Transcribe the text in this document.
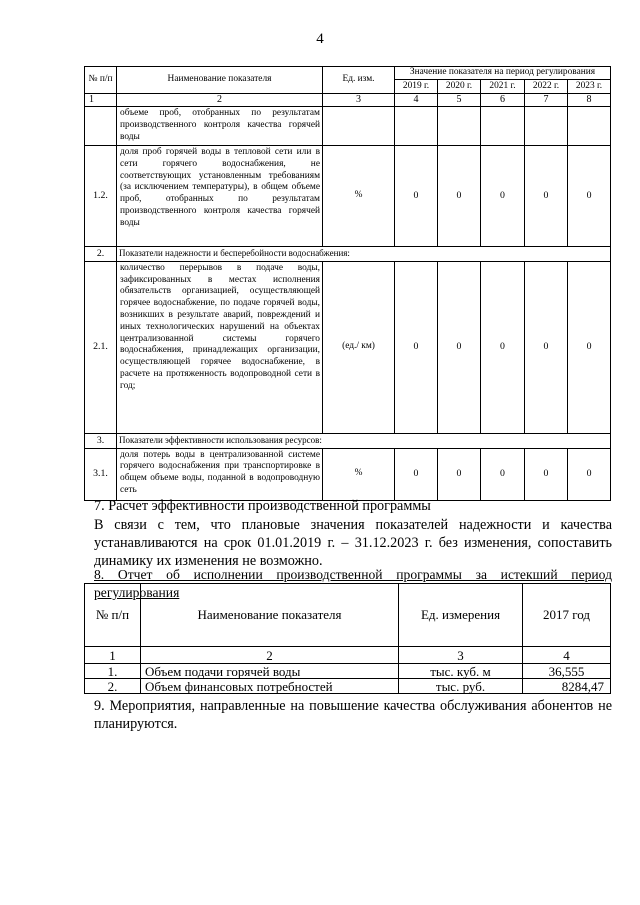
4
№ п/п	Наименование показателя	Ед. изм.	Значение показателя на период регулирования				
			2019 г.	2020 г.	2021 г.	2022 г.	2023 г.
1	2	3	4	5	6	7	8
	объеме проб, отобранных по результатам производственного контроля качества горячей воды						
1.2.	доля проб горячей воды в тепловой сети или в сети горячего водоснабжения, не соответствующих установленным требованиям (за исключением температуры), в общем объеме проб, отобранных по результатам производственного контроля качества горячей воды	%	0	0	0	0	0
2.	Показатели надежности и бесперебойности водоснабжения:						
2.1.	количество перерывов в подаче воды, зафиксированных в местах исполнения обязательств организацией, осуществляющей горячее водоснабжение, по подаче горячей воды, возникших в результате аварий, повреждений и иных технологических нарушений на объектах централизованной системы горячего водоснабжения, принадлежащих организации, осуществляющей горячее водоснабжение, в расчете на протяженность водопроводной сети в год;	(ед./ км)	0	0	0	0	0
3.	Показатели эффективности использования ресурсов:						
3.1.	доля потерь воды в централизованной системе горячего водоснабжения при транспортировке в общем объеме воды, поданной в водопроводную сеть	%	0	0	0	0	0
7. Расчет эффективности производственной программы
В связи с тем, что плановые значения показателей надежности и качества устанавливаются на срок 01.01.2019 г. – 31.12.2023 г. без изменения, сопоставить динамику их изменения не возможно.
8. Отчет об исполнении производственной программы за истекший период регулирования
№ п/п	Наименование показателя	Ед. измерения	2017 год
1	2	3	4
1.	Объем подачи горячей воды	тыс. куб. м	36,555
2.	Объем финансовых потребностей	тыс. руб.	8284,47
9. Мероприятия, направленные на повышение качества обслуживания абонентов не планируются.
